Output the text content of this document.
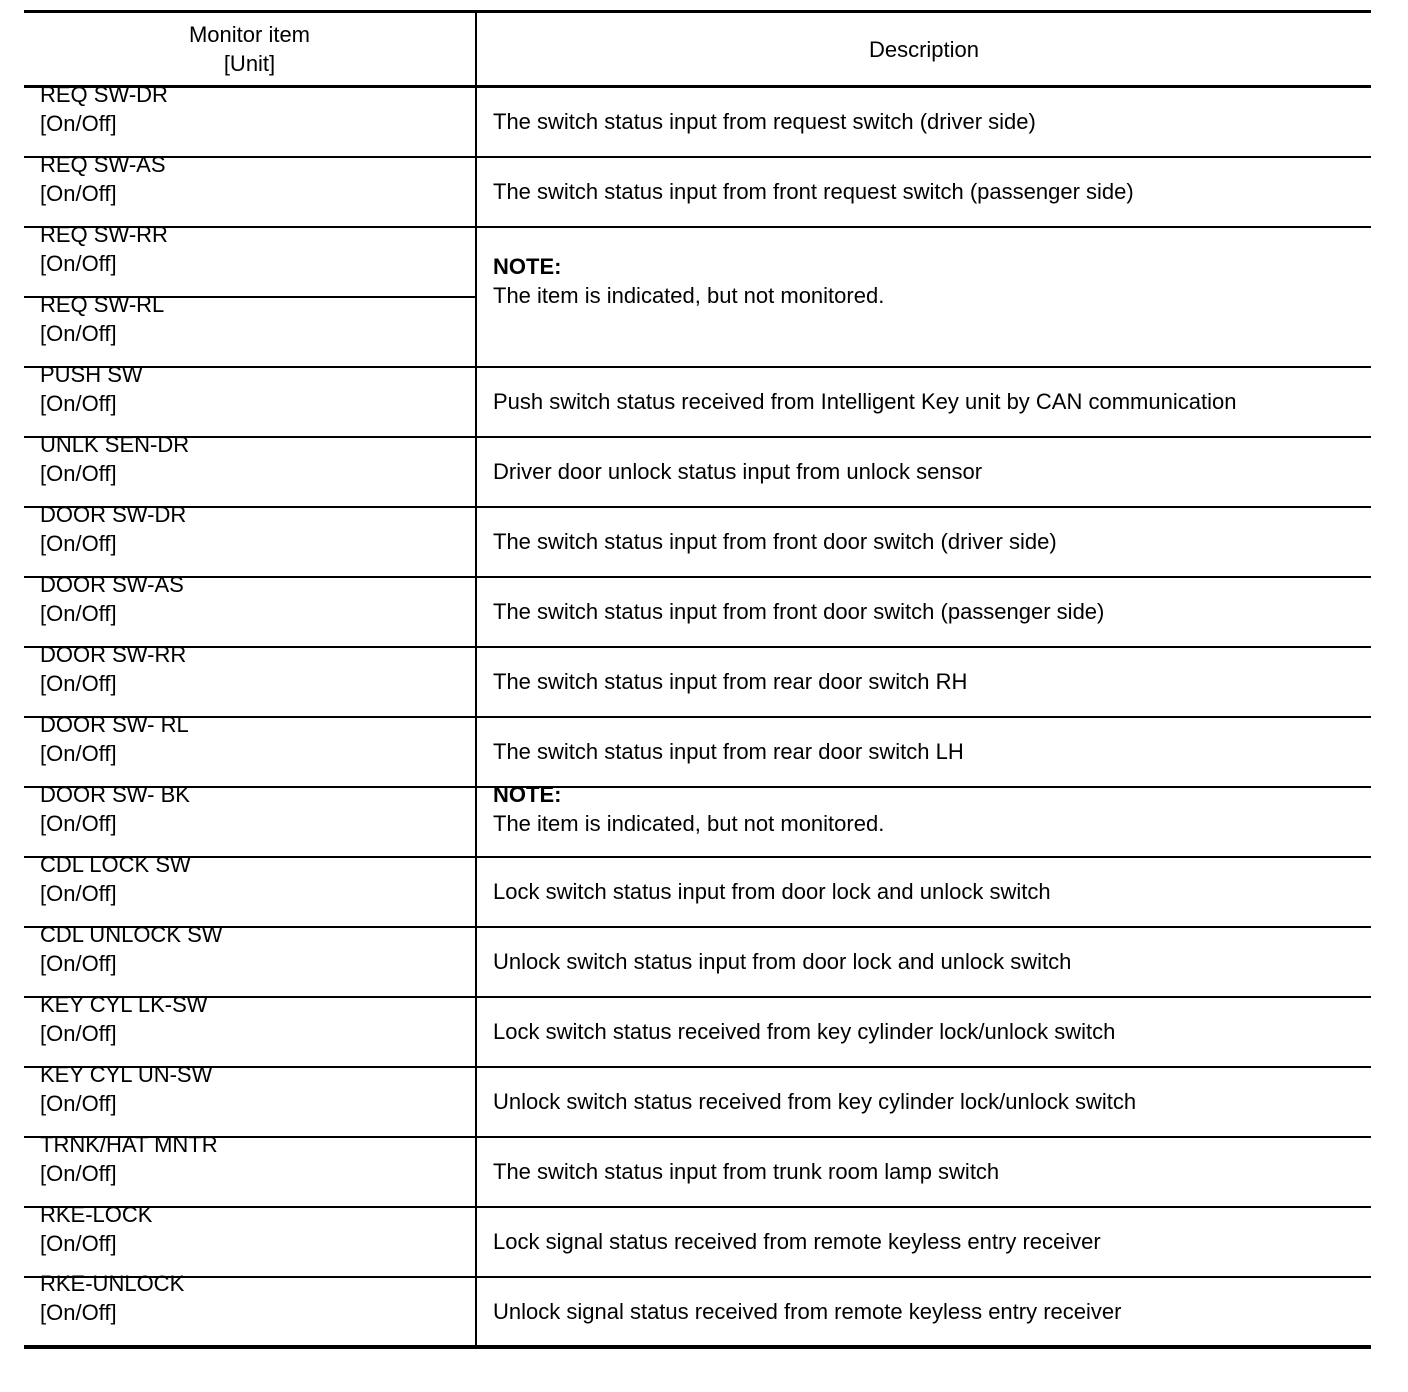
Monitor item
[Unit]	Description

REQ SW-DR
[On/Off]	The switch status input from request switch (driver side)

REQ SW-AS
[On/Off]	The switch status input from front request switch (passenger side)

REQ SW-RR
[On/Off]	NOTE:
The item is indicated, but not monitored.

REQ SW-RL
[On/Off]	

PUSH SW
[On/Off]	Push switch status received from Intelligent Key unit by CAN communication

UNLK SEN-DR
[On/Off]	Driver door unlock status input from unlock sensor

DOOR SW-DR
[On/Off]	The switch status input from front door switch (driver side)

DOOR SW-AS
[On/Off]	The switch status input from front door switch (passenger side)

DOOR SW-RR
[On/Off]	The switch status input from rear door switch RH

DOOR SW- RL
[On/Off]	The switch status input from rear door switch LH

DOOR SW- BK
[On/Off]	NOTE:
The item is indicated, but not monitored.

CDL LOCK SW
[On/Off]	Lock switch status input from door lock and unlock switch

CDL UNLOCK SW
[On/Off]	Unlock switch status input from door lock and unlock switch

KEY CYL LK-SW
[On/Off]	Lock switch status received from key cylinder lock/unlock switch

KEY CYL UN-SW
[On/Off]	Unlock switch status received from key cylinder lock/unlock switch

TRNK/HAT MNTR
[On/Off]	The switch status input from trunk room lamp switch

RKE-LOCK
[On/Off]	Lock signal status received from remote keyless entry receiver

RKE-UNLOCK
[On/Off]	Unlock signal status received from remote keyless entry receiver
